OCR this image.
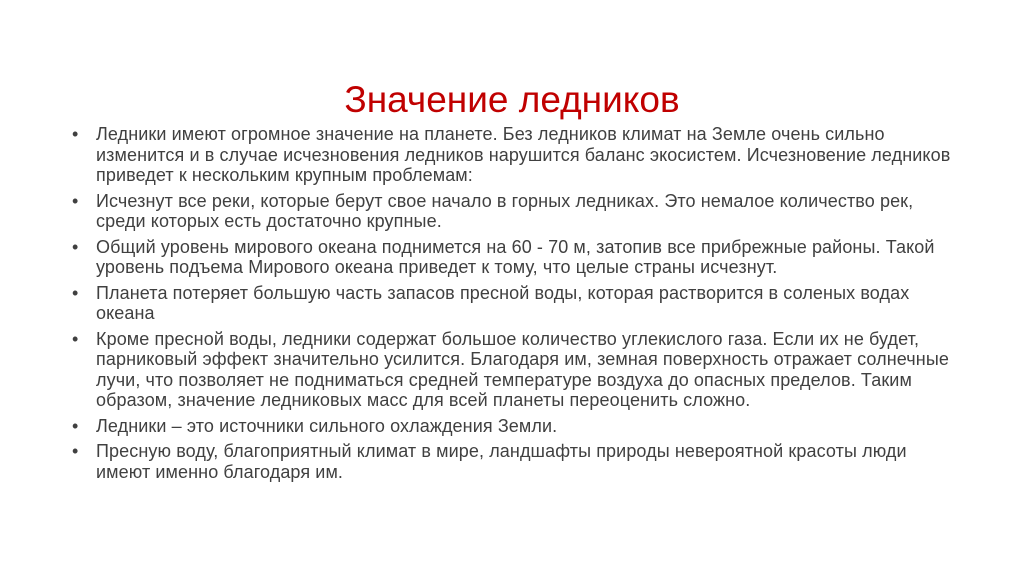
Значение ледников
• Ледники имеют огромное значение на планете. Без ледников климат на Земле очень сильно изменится и в случае исчезновения ледников нарушится баланс экосистем. Исчезновение ледников приведет к нескольким крупным проблемам:
• Исчезнут все реки, которые берут свое начало в горных ледниках. Это немалое количество рек, среди которых есть достаточно крупные.
• Общий уровень мирового океана поднимется на 60 - 70 м, затопив все прибрежные районы. Такой уровень подъема Мирового океана приведет к тому, что целые страны исчезнут.
• Планета потеряет большую часть запасов пресной воды, которая растворится в соленых водах океана
• Кроме пресной воды, ледники содержат большое количество углекислого газа. Если их не будет, парниковый эффект значительно усилится. Благодаря им, земная поверхность отражает солнечные лучи, что позволяет не подниматься средней температуре воздуха до опасных пределов. Таким образом, значение ледниковых масс для всей планеты переоценить сложно.
• Ледники – это источники сильного охлаждения Земли.
• Пресную воду, благоприятный климат в мире, ландшафты природы невероятной красоты люди имеют именно благодаря им.
